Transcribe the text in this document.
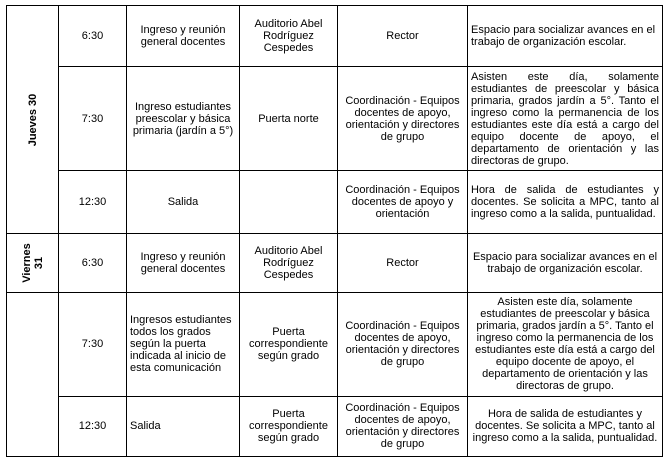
Jueves 30	6:30	Ingreso y reunión general docentes	Auditorio Abel Rodríguez Cespedes	Rector	Espacio para socializar avances en el trabajo de organización escolar.
	7:30	Ingreso estudiantes preescolar y básica primaria (jardín a 5°)	Puerta norte	Coordinación - Equipos docentes de apoyo, orientación y directores de grupo	Asisten este día, solamente estudiantes de preescolar y básica primaria, grados jardín a 5°. Tanto el ingreso como la permanencia de los estudiantes este día está a cargo del equipo docente de apoyo, el departamento de orientación y las directoras de grupo.
	12:30	Salida		Coordinación - Equipos docentes de apoyo y orientación	Hora de salida de estudiantes y docentes. Se solicita a MPC, tanto al ingreso como a la salida, puntualidad.

Viernes 31	6:30	Ingreso y reunión general docentes	Auditorio Abel Rodríguez Cespedes	Rector	Espacio para socializar avances en el trabajo de organización escolar.
	7:30	Ingresos estudiantes todos los grados según la puerta indicada al inicio de esta comunicación	Puerta correspondiente según grado	Coordinación - Equipos docentes de apoyo, orientación y directores de grupo	Asisten este día, solamente estudiantes de preescolar y básica primaria, grados jardín a 5°. Tanto el ingreso como la permanencia de los estudiantes este día está a cargo del equipo docente de apoyo, el departamento de orientación y las directoras de grupo.
	12:30	Salida	Puerta correspondiente según grado	Coordinación - Equipos docentes de apoyo, orientación y directores de grupo	Hora de salida de estudiantes y docentes. Se solicita a MPC, tanto al ingreso como a la salida, puntualidad.
